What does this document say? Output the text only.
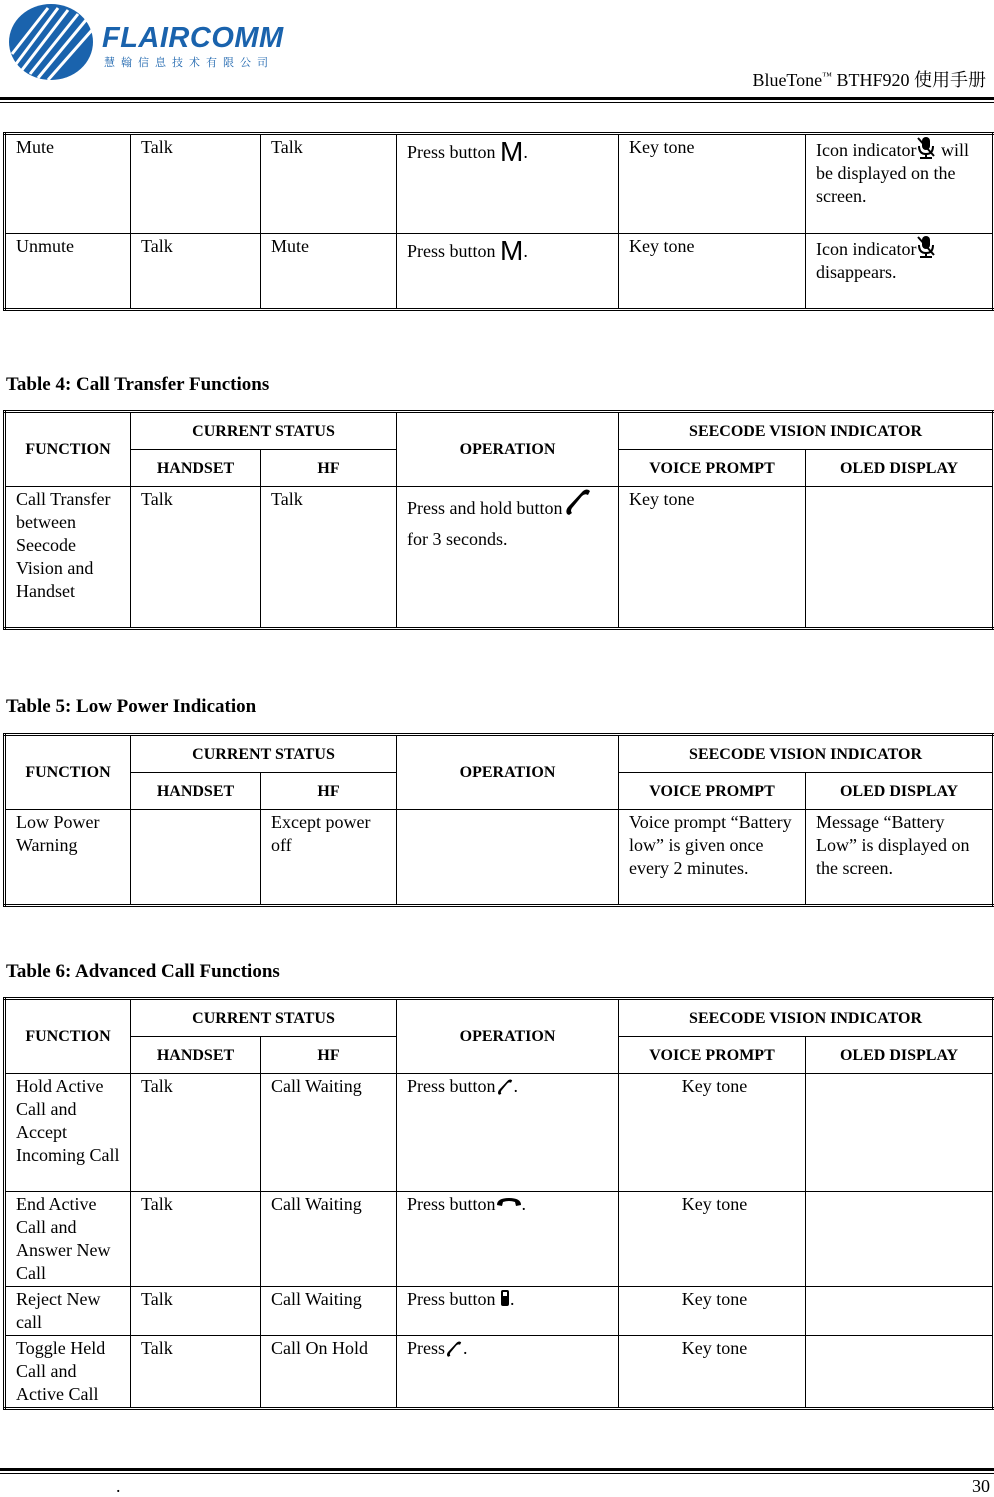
FLAIRCOMM
慧翰信息技术有限公司
BlueTone™ BTHF920 使用手册
Mute	Talk	Talk	Press button M.	Key tone	Icon indicator will be displayed on the screen.
Unmute	Talk	Mute	Press button M.	Key tone	Icon indicator disappears.
Table 4: Call Transfer Functions
FUNCTION	CURRENT STATUS		OPERATION	SEECODE VISION INDICATOR	
	HANDSET	HF		VOICE PROMPT	OLED DISPLAY
Call Transfer between Seecode Vision and Handset	Talk	Talk	Press and hold button for 3 seconds.	Key tone	
Table 5: Low Power Indication
FUNCTION	CURRENT STATUS		OPERATION	SEECODE VISION INDICATOR	
	HANDSET	HF		VOICE PROMPT	OLED DISPLAY
Low Power Warning		Except power off		Voice prompt “Battery low” is given once every 2 minutes.	Message “Battery Low” is displayed on the screen.
Table 6: Advanced Call Functions
FUNCTION	CURRENT STATUS		OPERATION	SEECODE VISION INDICATOR	
	HANDSET	HF		VOICE PROMPT	OLED DISPLAY
Hold Active Call and Accept Incoming Call	Talk	Call Waiting	Press button .	Key tone	
End Active Call and Answer New Call	Talk	Call Waiting	Press button .	Key tone	
Reject New call	Talk	Call Waiting	Press button .	Key tone	
Toggle Held Call and Active Call	Talk	Call On Hold	Press .	Key tone	
.	30
